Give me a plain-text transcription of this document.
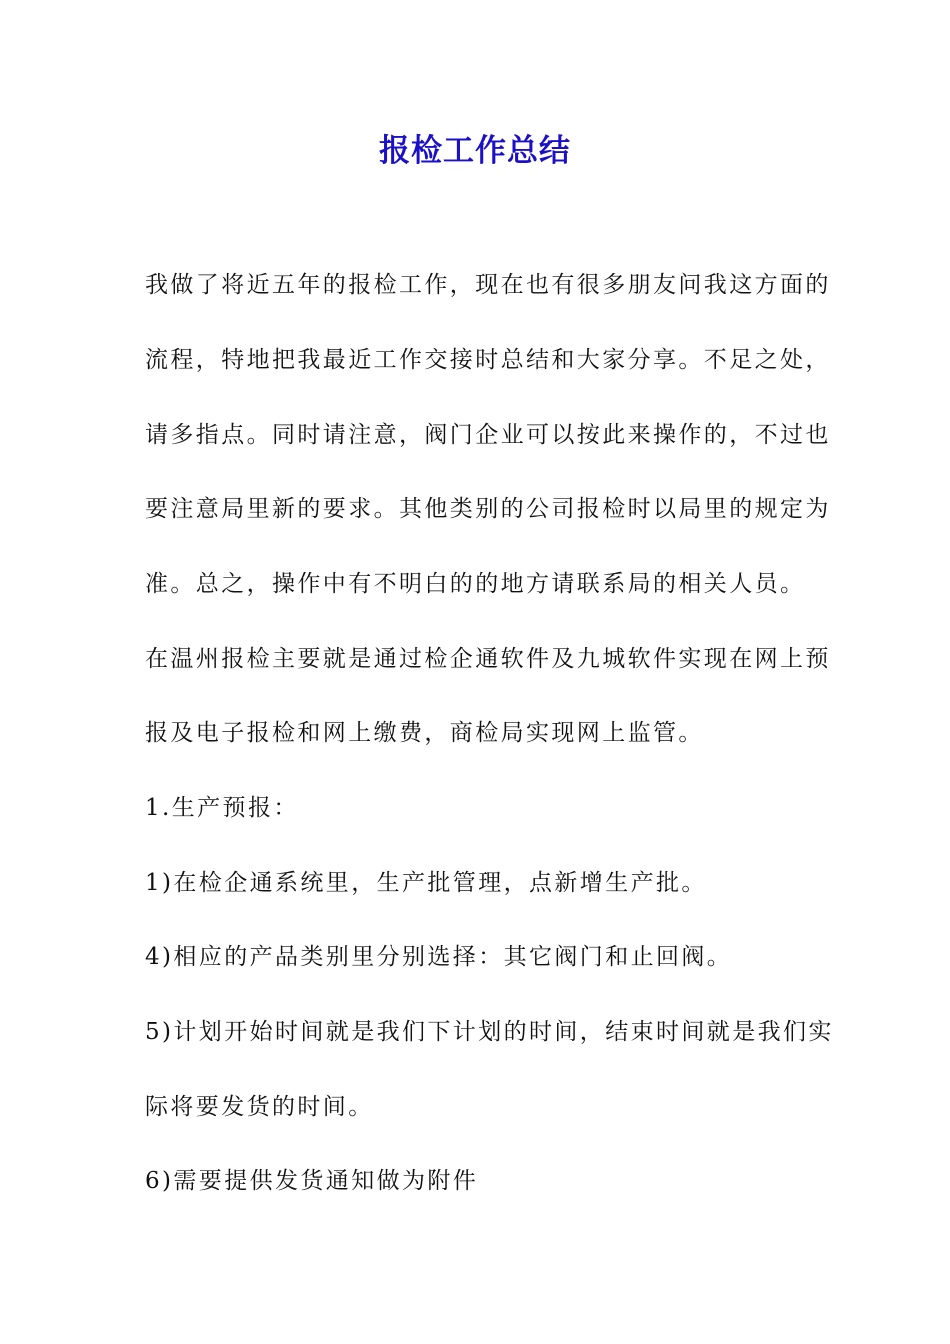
报检工作总结
我做了将近五年的报检工作，现在也有很多朋友问我这方面的
流程，特地把我最近工作交接时总结和大家分享。不足之处，
请多指点。同时请注意，阀门企业可以按此来操作的，不过也
要注意局里新的要求。其他类别的公司报检时以局里的规定为
准。总之，操作中有不明白的的地方请联系局的相关人员。
在温州报检主要就是通过检企通软件及九城软件实现在网上预
报及电子报检和网上缴费，商检局实现网上监管。
1.生产预报：
1)在检企通系统里，生产批管理，点新增生产批。
4)相应的产品类别里分别选择：其它阀门和止回阀。
5)计划开始时间就是我们下计划的时间，结束时间就是我们实
际将要发货的时间。
6)需要提供发货通知做为附件
